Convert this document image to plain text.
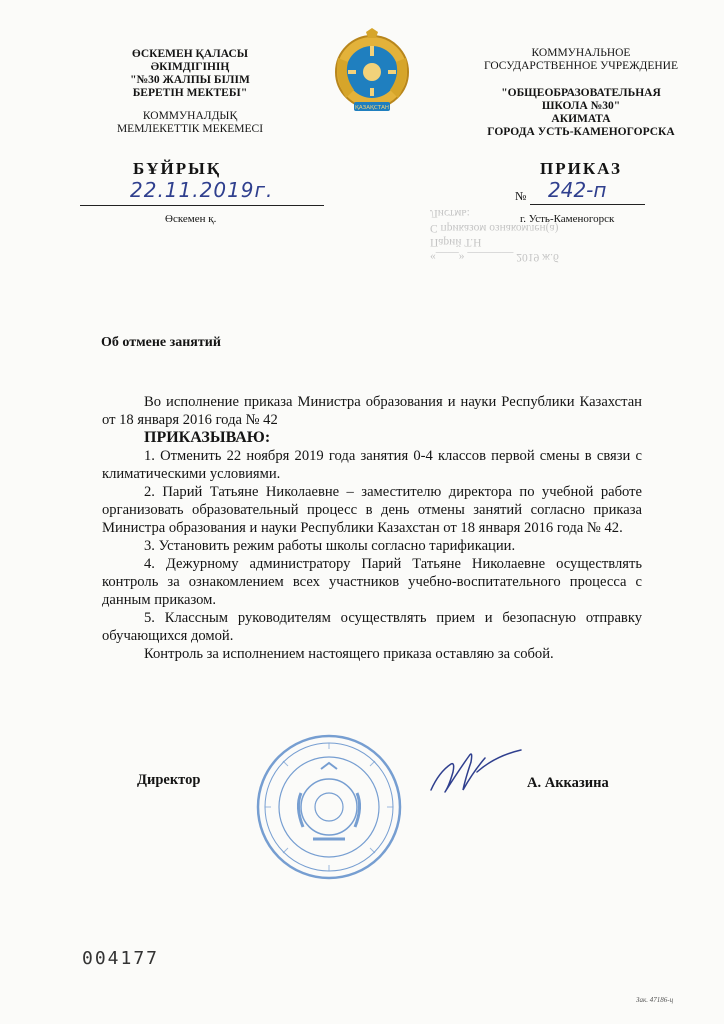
ӨСКЕМЕН ҚАЛАСЫ
ӘКІМДІГІНІҢ
"№30 ЖАЛПЫ БІЛІМ
БЕРЕТІН МЕКТЕБІ"
КОММУНАЛДЫҚ
МЕМЛЕКЕТТІК МЕКЕМЕСІ
ҚАЗАҚСТАН
КОММУНАЛЬНОЕ
ГОСУДАРСТВЕННОЕ УЧРЕЖДЕНИЕ
"ОБЩЕОБРАЗОВАТЕЛЬНАЯ
ШКОЛА №30"
АКИМАТА
ГОРОДА УСТЬ-КАМЕНОГОРСКА
БҰЙРЫҚ	ПРИКАЗ
22.11.2019г.
Өскемен қ.
№ 242-п
г. Усть-Каменогорск
«____» ________ 2019 ж.б
Парий Т.Н
С приказом ознакомлен(а)
Листмь:
Об отмене занятий

Во исполнение приказа Министра образования и науки Республики Казахстан от 18 января 2016 года № 42

ПРИКАЗЫВАЮ:

1. Отменить 22 ноября 2019 года занятия 0-4 классов первой смены в связи с климатическими условиями.

2. Парий Татьяне Николаевне – заместителю директора по учебной работе организовать образовательный процесс в день отмены занятий согласно приказа Министра образования и науки Республики Казахстан от 18 января 2016 года № 42.

3. Установить режим работы школы согласно тарификации.

4. Дежурному администратору Парий Татьяне Николаевне осуществлять контроль за ознакомлением всех участников учебно-воспитательного процесса с данным приказом.

5. Классным руководителям осуществлять прием и безопасную отправку обучающихся домой.

Контроль за исполнением настоящего приказа оставляю за собой.

Директор	А. Акказина
004177
Зак. 47186-ц
